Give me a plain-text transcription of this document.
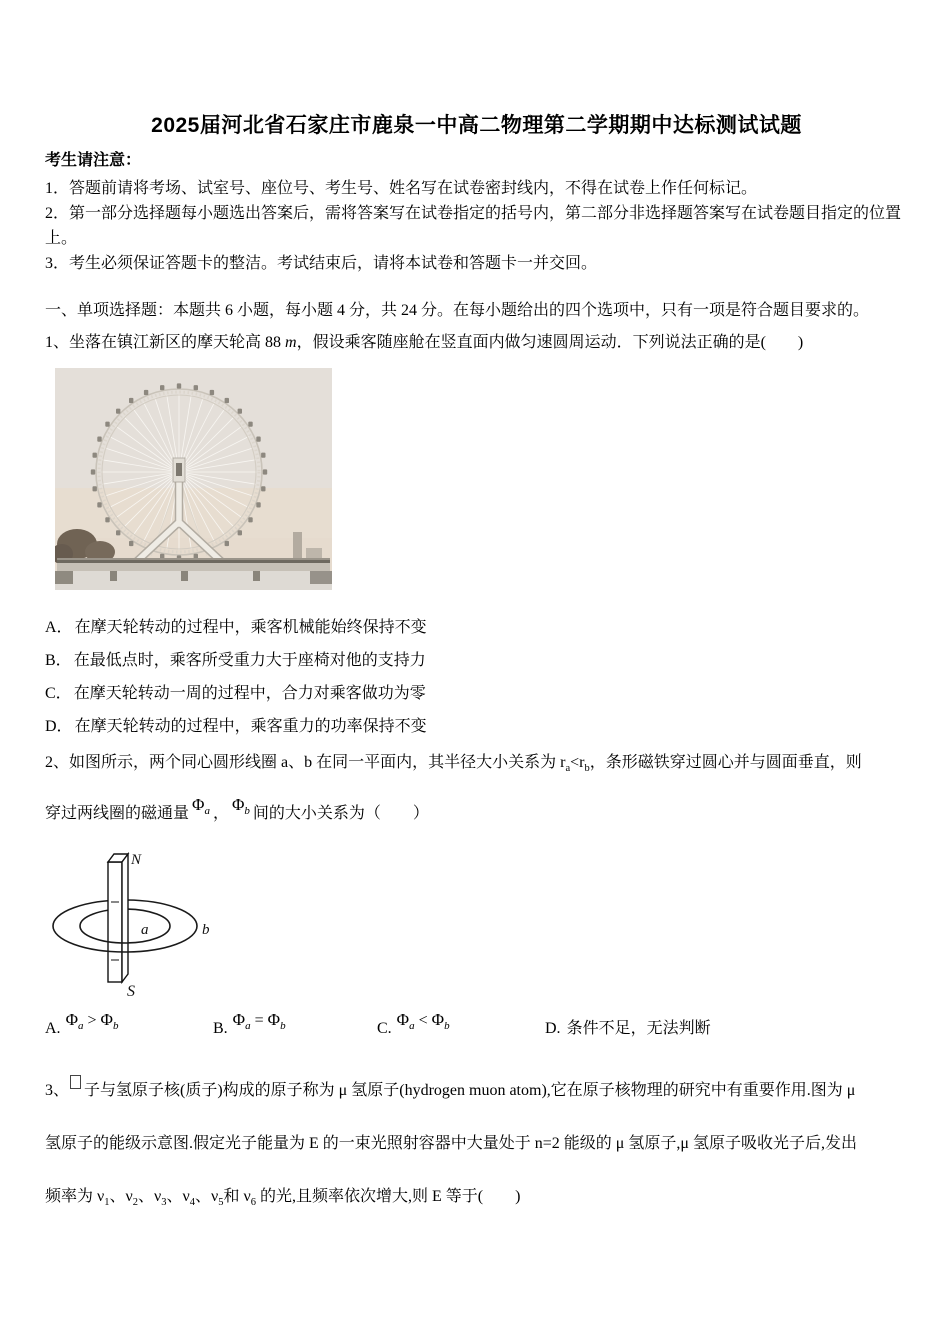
2025届河北省石家庄市鹿泉一中高二物理第二学期期中达标测试试题
考生请注意：
1．答题前请将考场、试室号、座位号、考生号、姓名写在试卷密封线内，不得在试卷上作任何标记。
2．第一部分选择题每小题选出答案后，需将答案写在试卷指定的括号内，第二部分非选择题答案写在试卷题目指定的位置上。
3．考生必须保证答题卡的整洁。考试结束后，请将本试卷和答题卡一并交回。
一、单项选择题：本题共 6 小题，每小题 4 分，共 24 分。在每小题给出的四个选项中，只有一项是符合题目要求的。
1、坐落在镇江新区的摩天轮高 88 m，假设乘客随座舱在竖直面内做匀速圆周运动．下列说法正确的是(　　)
A． 在摩天轮转动的过程中，乘客机械能始终保持不变
B． 在最低点时，乘客所受重力大于座椅对他的支持力
C． 在摩天轮转动一周的过程中，合力对乘客做功为零
D． 在摩天轮转动的过程中，乘客重力的功率保持不变
2、如图所示，两个同心圆形线圈 a、b 在同一平面内，其半径大小关系为 $r_a<r_b$，条形磁铁穿过圆心并与圆面垂直，则
穿过两线圈的磁通量 $\Phi_a$ ， $\Phi_b$ 间的大小关系为（　　）
N
S
a	b
A. $\Phi_a > \Phi_b$	B. $\Phi_a = \Phi_b$	C. $\Phi_a < \Phi_b$	D. 条件不足，无法判断
3、 子与氢原子核(质子)构成的原子称为 μ 氢原子(hydrogen muon atom),它在原子核物理的研究中有重要作用.图为 μ
氢原子的能级示意图.假定光子能量为 E 的一束光照射容器中大量处于 n=2 能级的 μ 氢原子,μ 氢原子吸收光子后,发出
频率为 $\nu_1$、$\nu_2$、$\nu_3$、$\nu_4$、$\nu_5$和 $\nu_6$ 的光,且频率依次增大,则 E 等于(　　)
